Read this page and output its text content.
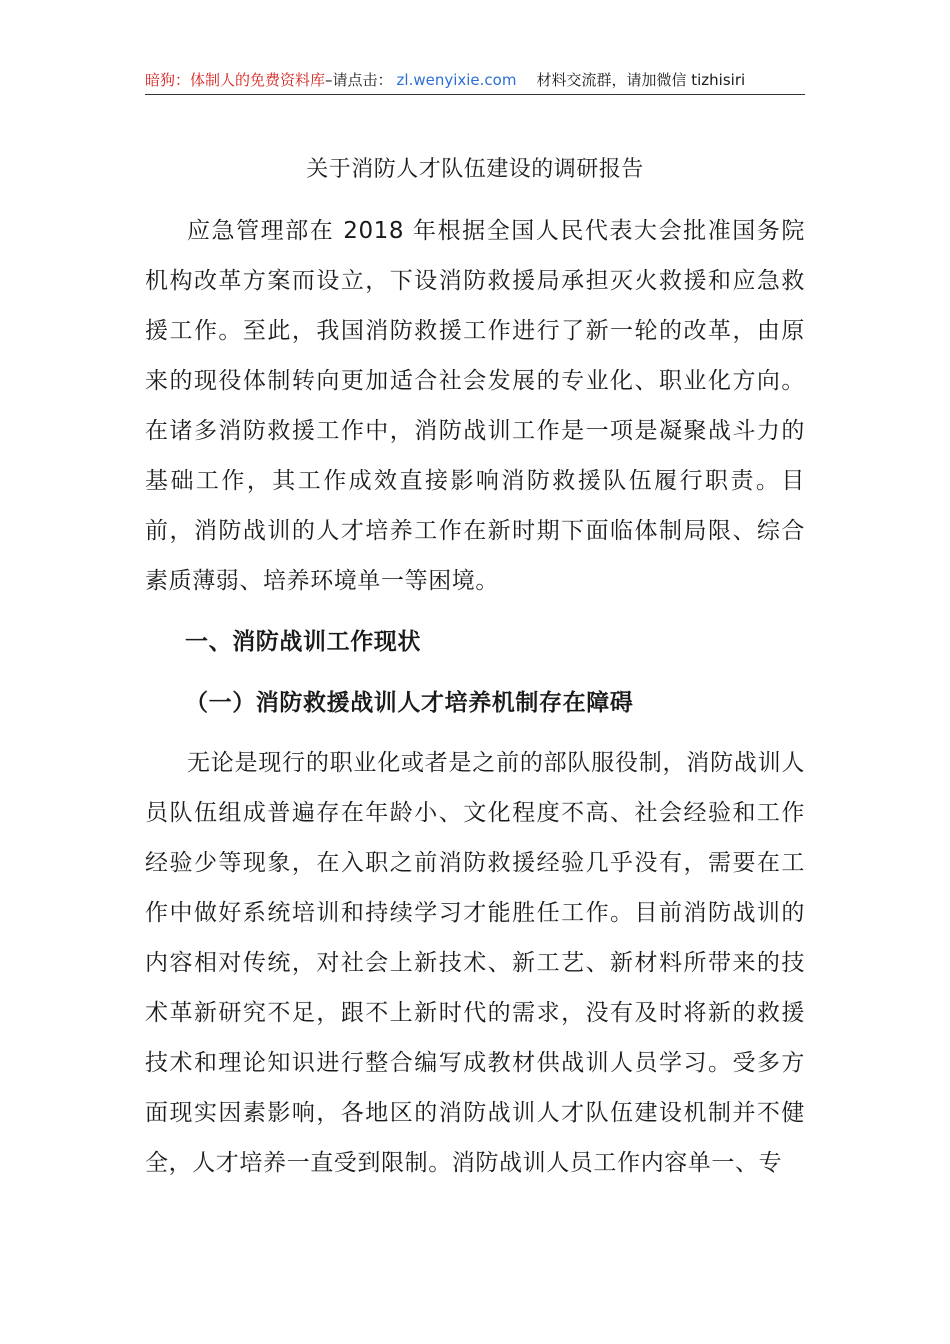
暗狗：体制人的免费资料库–请点击： zl.wenyixie.com 材料交流群，请加微信 tizhisiri
关于消防人才队伍建设的调研报告

应急管理部在 2018 年根据全国人民代表大会批准国务院机构改革方案而设立，下设消防救援局承担灭火救援和应急救援工作。至此，我国消防救援工作进行了新一轮的改革，由原来的现役体制转向更加适合社会发展的专业化、职业化方向。在诸多消防救援工作中，消防战训工作是一项是凝聚战斗力的基础工作，其工作成效直接影响消防救援队伍履行职责。目前，消防战训的人才培养工作在新时期下面临体制局限、综合素质薄弱、培养环境单一等困境。

一、消防战训工作现状

（一）消防救援战训人才培养机制存在障碍

无论是现行的职业化或者是之前的部队服役制，消防战训人员队伍组成普遍存在年龄小、文化程度不高、社会经验和工作经验少等现象，在入职之前消防救援经验几乎没有，需要在工作中做好系统培训和持续学习才能胜任工作。目前消防战训的内容相对传统，对社会上新技术、新工艺、新材料所带来的技术革新研究不足，跟不上新时代的需求，没有及时将新的救援技术和理论知识进行整合编写成教材供战训人员学习。受多方面现实因素影响，各地区的消防战训人才队伍建设机制并不健全，人才培养一直受到限制。消防战训人员工作内容单一、专
